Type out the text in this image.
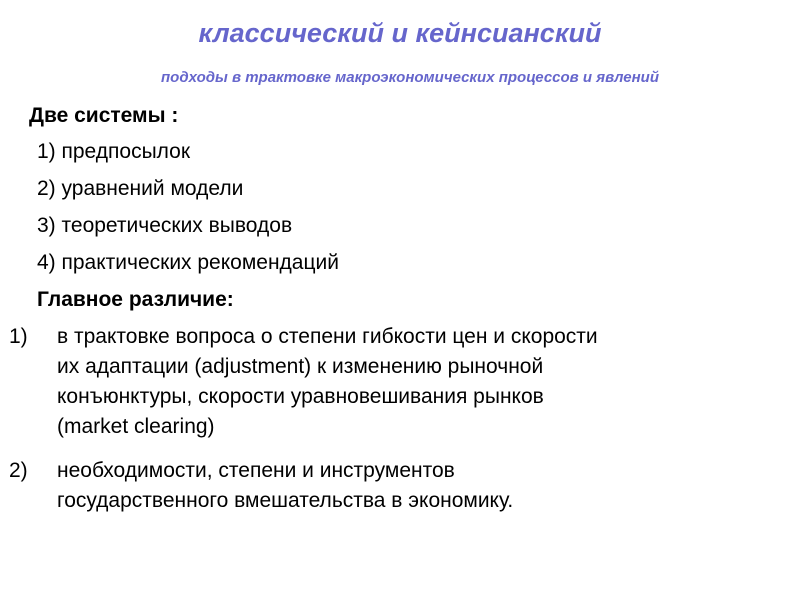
классический и кейнсианский

подходы в трактовке макроэкономических процессов и явлений

Две системы :
1) предпосылок
2) уравнений модели
3) теоретических выводов
4) практических рекомендаций
Главное различие:
1) в трактовке вопроса о степени гибкости цен и скорости
их адаптации (adjustment) к изменению рыночной
конъюнктуры, скорости уравновешивания рынков
(market clearing)
2) необходимости, степени и инструментов
государственного вмешательства в экономику.
